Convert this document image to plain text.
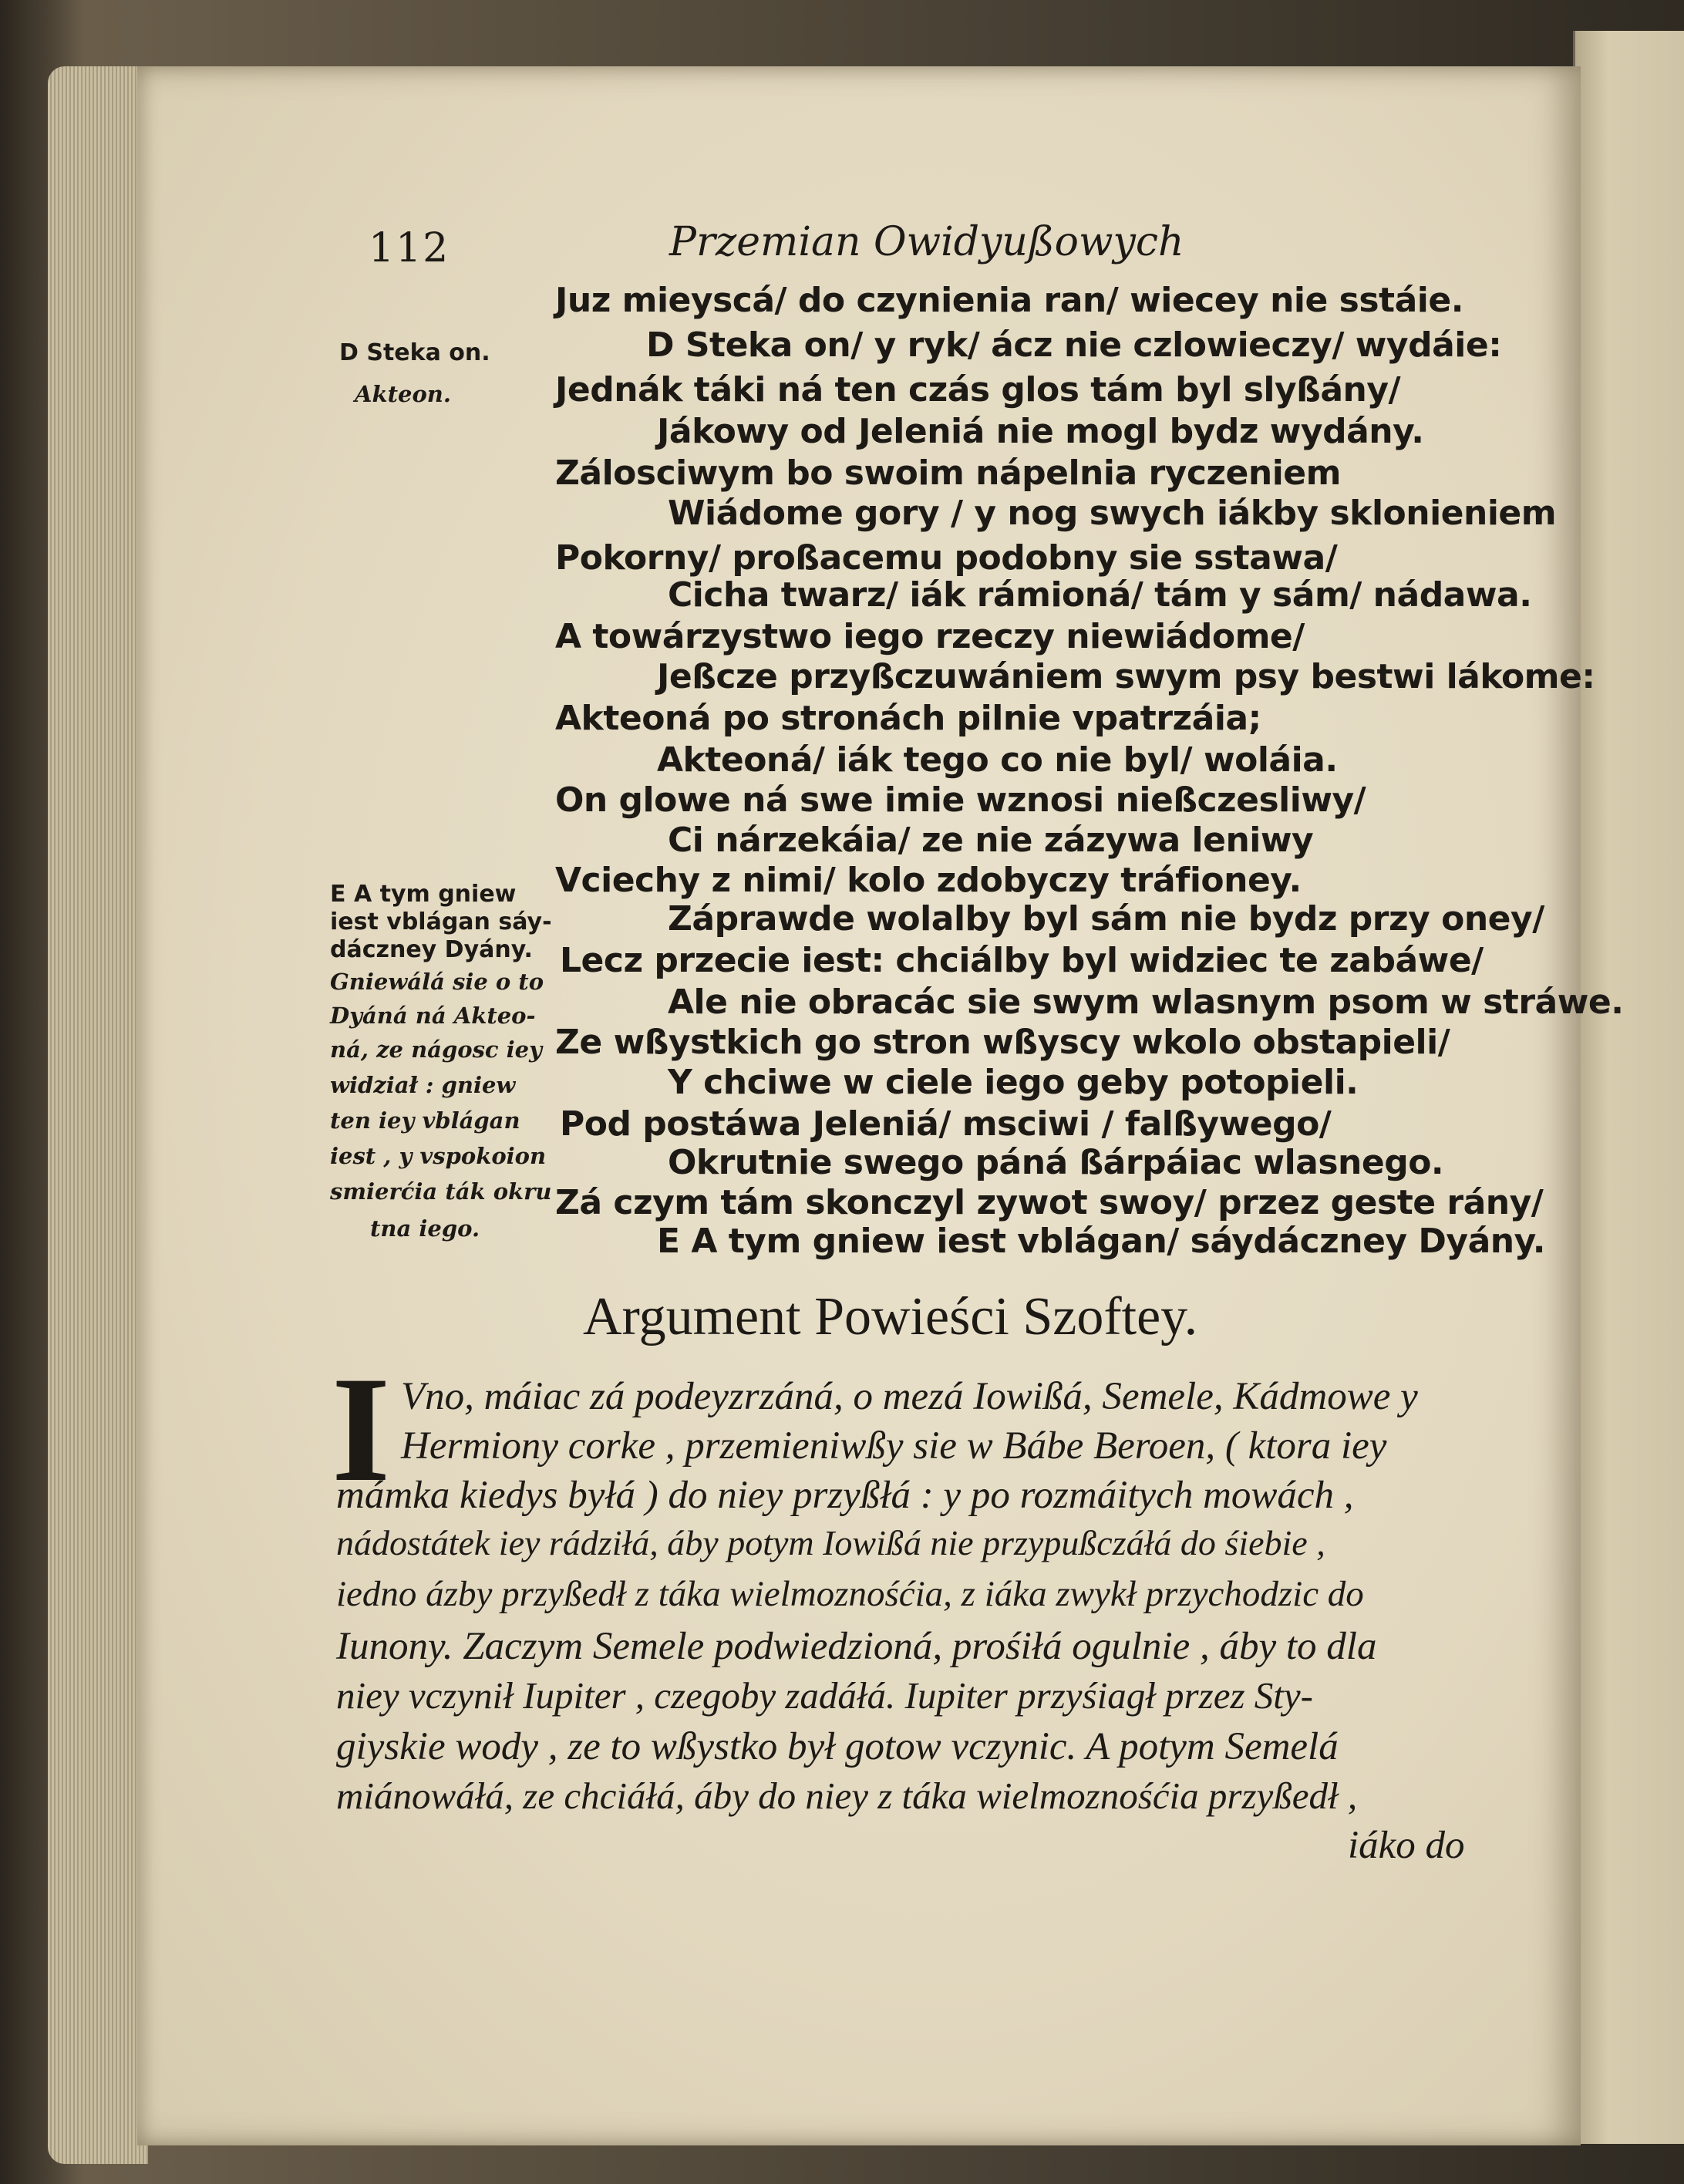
112	Przemian Owidyußowych
Juz mieyscá/ do czynienia ran/ wiecey nie sstáie.
D Steka on/ y ryk/ ácz nie czlowieczy/ wydáie:
Jednák táki ná ten czás glos tám byl slyßány/
Jákowy od Jeleniá nie mogl bydz wydány.
Zálosciwym bo swoim nápelnia ryczeniem
Wiádome gory / y nog swych iákby sklonieniem
Pokorny/ proßacemu podobny sie sstawa/
Cicha twarz/ iák rámioná/ tám y sám/ nádawa.
A towárzystwo iego rzeczy niewiádome/
Jeßcze przyßczuwániem swym psy bestwi lákome:
Akteoná po stronách pilnie vpatrzáia;
Akteoná/ iák tego co nie byl/ woláia.
On glowe ná swe imie wznosi nießczesliwy/
Ci nárzekáia/ ze nie zázywa leniwy
Vciechy z nimi/ kolo zdobyczy tráfioney.
Záprawde wolalby byl sám nie bydz przy oney/
Lecz przecie iest: chciálby byl widziec te zabáwe/
Ale nie obracác sie swym wlasnym psom w stráwe.
Ze wßystkich go stron wßyscy wkolo obstapieli/
Y chciwe w ciele iego geby potopieli.
Pod postáwa Jeleniá/ msciwi / falßywego/
Okrutnie swego páná ßárpáiac wlasnego.
Zá czym tám skonczyl zywot swoy/ przez geste rány/
E A tym gniew iest vblágan/ sáydáczney Dyány.
D Steka on.
Akteon.
E A tym gniew
iest vblágan sáy-
dáczney Dyány.
Gniewálá sie o to
Dyáná ná Akteo-
ná, ze nágosc iey
widział : gniew
ten iey vblágan
iest , y vspokoion
smierćia ták okru
tna iego.
Argument Powieści Szoftey.
I Vno, máiac zá podeyzrzáná, o mezá Iowißá, Semele, Kádmowe y
Hermiony corke , przemieniwßy sie w Bábe Beroen, ( ktora iey
mámka kiedys byłá ) do niey przyßłá : y po rozmáitych mowách ,
nádostátek iey rádziłá, áby potym Iowißá nie przypußczáłá do śiebie ,
iedno ázby przyßedł z táka wielmoznośćia, z iáka zwykł przychodzic do
Iunony. Zaczym Semele podwiedzioná, prośiłá ogulnie , áby to dla
niey vczynił Iupiter , czegoby zadáłá. Iupiter przyśiagł przez Sty-
giyskie wody , ze to wßystko był gotow vczynic. A potym Semelá
miánowáłá, ze chciáłá, áby do niey z táka wielmoznośćia przyßedł ,
iáko do
